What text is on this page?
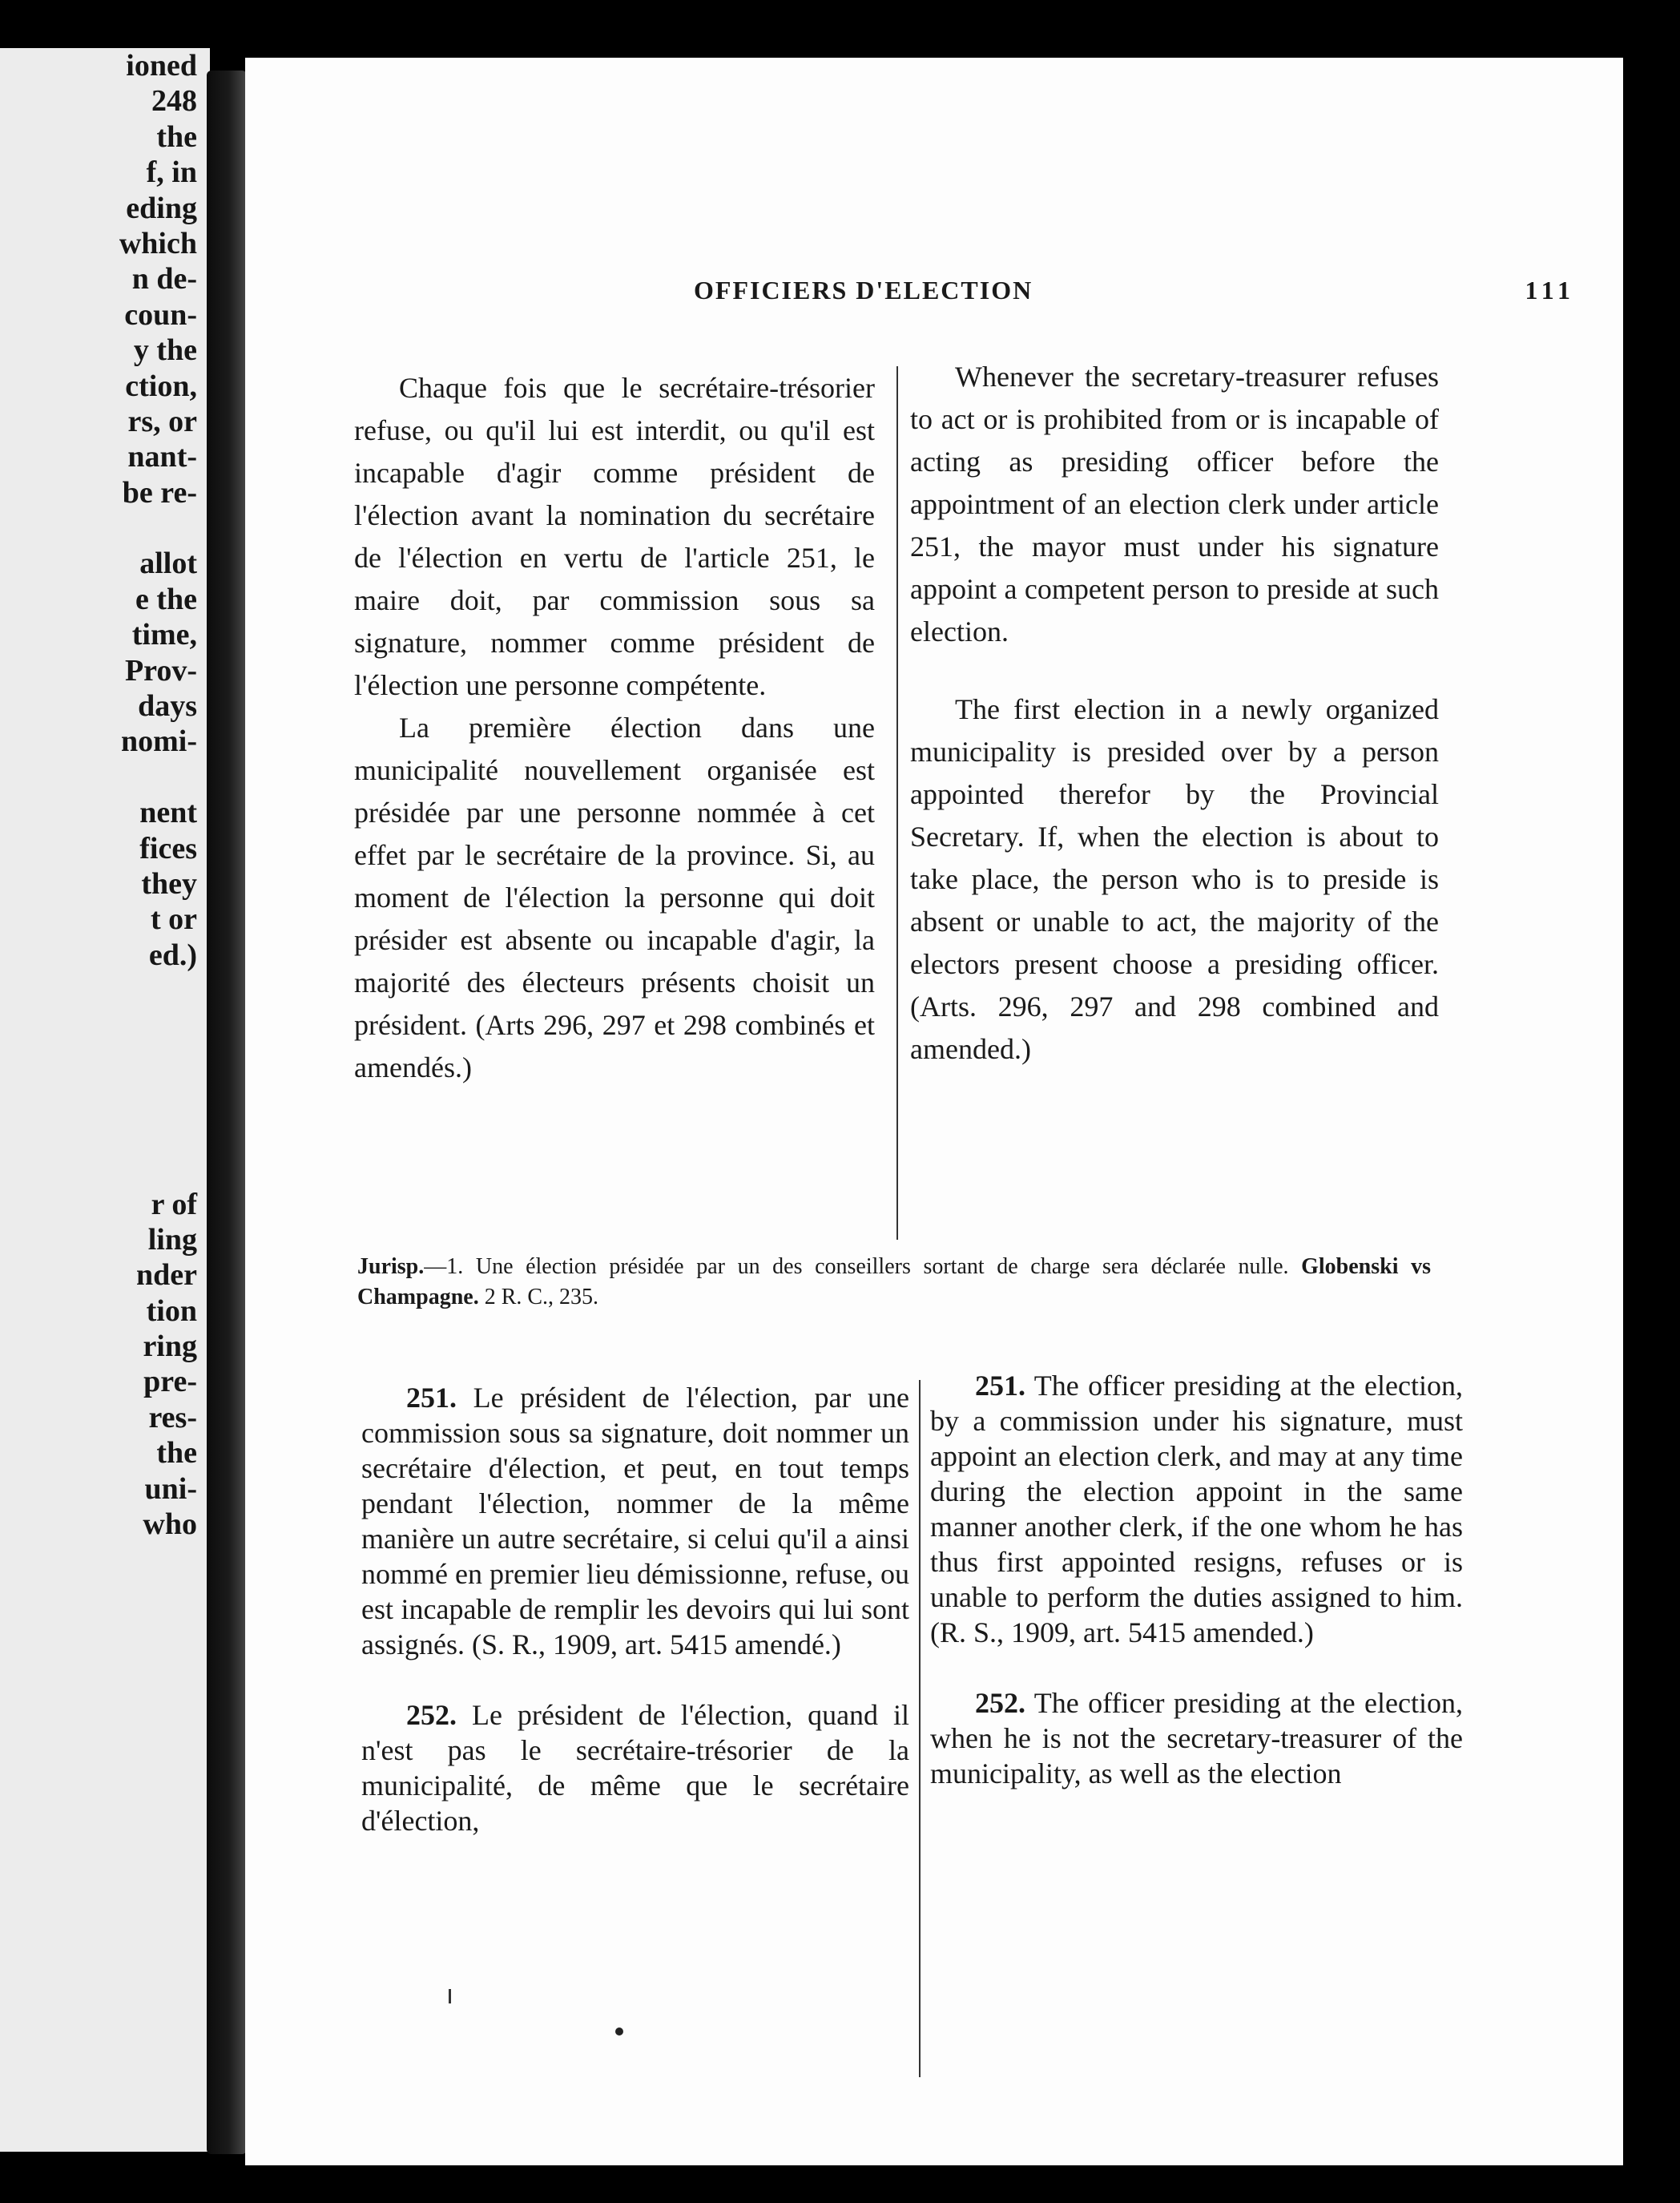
ioned
248
the
f, in
eding
which
n de-
coun-
y the
ction,
rs, or
nant-
be re-
allot
e the
time,
Prov-
days
nomi-
nent
fices
they
t or
ed.)
r of
ling
nder
tion
ring
pre-
res-
the
uni-
who
OFFICIERS D'ELECTION	111

Chaque fois que le secrétaire-trésorier refuse, ou qu'il lui est interdit, ou qu'il est incapable d'agir comme président de l'élection avant la nomination du secrétaire de l'élection en vertu de l'article 251, le maire doit, par commission sous sa signature, nommer comme président de l'élection une personne compétente.

La première élection dans une municipalité nouvellement organisée est présidée par une personne nommée à cet effet par le secrétaire de la province. Si, au moment de l'élection la personne qui doit présider est absente ou incapable d'agir, la majorité des électeurs présents choisit un président. (Arts 296, 297 et 298 combinés et amendés.)

Whenever the secretary-treasurer refuses to act or is prohibited from or is incapable of acting as presiding officer before the appointment of an election clerk under article 251, the mayor must under his signature appoint a competent person to preside at such election.

The first election in a newly organized municipality is presided over by a person appointed therefor by the Provincial Secretary. If, when the election is about to take place, the person who is to preside is absent or unable to act, the majority of the electors present choose a presiding officer. (Arts. 296, 297 and 298 combined and amended.)

Jurisp.—1. Une élection présidée par un des conseillers sortant de charge sera déclarée nulle. Globenski vs Champagne. 2 R. C., 235.

251. Le président de l'élection, par une commission sous sa signature, doit nommer un secrétaire d'élection, et peut, en tout temps pendant l'élection, nommer de la même manière un autre secrétaire, si celui qu'il a ainsi nommé en premier lieu démissionne, refuse, ou est incapable de remplir les devoirs qui lui sont assignés. (S. R., 1909, art. 5415 amendé.)

252. Le président de l'élection, quand il n'est pas le secrétaire-trésorier de la municipalité, de même que le secrétaire d'élection,

251. The officer presiding at the election, by a commission under his signature, must appoint an election clerk, and may at any time during the election appoint in the same manner another clerk, if the one whom he has thus first appointed resigns, refuses or is unable to perform the duties assigned to him. (R. S., 1909, art. 5415 amended.)

252. The officer presiding at the election, when he is not the secretary-treasurer of the municipality, as well as the election
